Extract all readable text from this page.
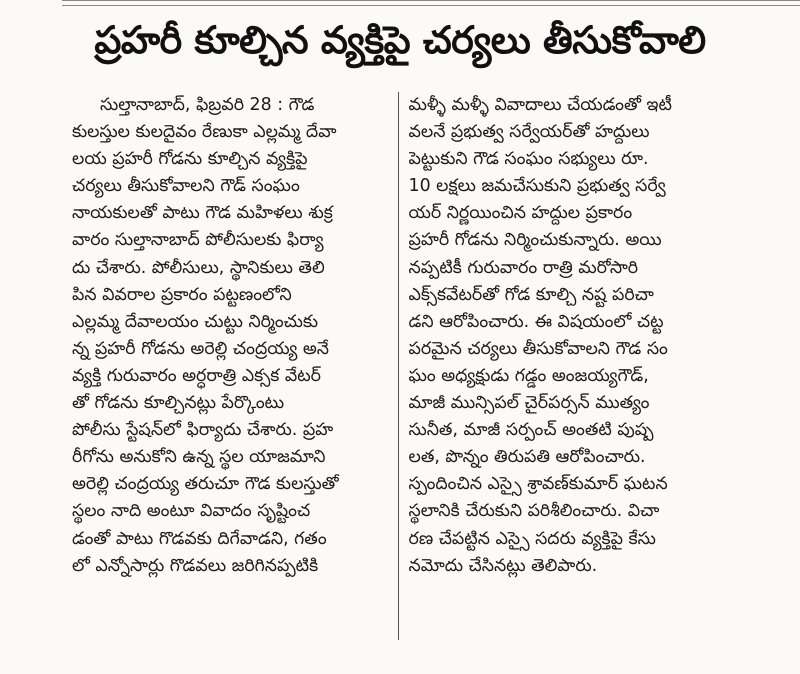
ప్రహరీ కూల్చిన వ్యక్తిపై చర్యలు తీసుకోవాలి
సుల్తానాబాద్, ఫిబ్రవరి 28 : గౌడ
కులస్తుల కులదైవం రేణుకా ఎల్లమ్మ దేవా
లయ ప్రహరీ గోడను కూల్చిన వ్యక్తిపై
చర్యలు తీసుకోవాలని గౌడ్ సంఘం
నాయకులతో పాటు గౌడ మహిళలు శుక్ర
వారం సుల్తానాబాద్ పోలీసులకు ఫిర్యా
దు చేశారు. పోలీసులు, స్థానికులు తెలి
పిన వివరాల ప్రకారం పట్టణంలోని
ఎల్లమ్మ దేవాలయం చుట్టు నిర్మించుకు
న్న ప్రహరీ గోడను అరెల్లి చంద్రయ్య అనే
వ్యక్తి గురువారం అర్ధరాత్రి ఎక్సక వేటర్
తో గోడను కూల్చినట్లు పేర్కొంటు
పోలీసు స్టేషన్‌లో ఫిర్యాదు చేశారు. ప్రహ
రీగోను అనుకోని ఉన్న స్థల యాజమాని
అరెల్లి చంద్రయ్య తరుచూ గౌడ కులస్తుతో
స్థలం నాది అంటూ వివాదం సృష్టించ
డంతో పాటు గొడవకు దిగేవాడని, గతం
లో ఎన్నోసార్లు గొడవలు జరిగినప్పటికి
మళ్ళీ మళ్ళీ వివాదాలు చేయడంతో ఇటీ
వలనే ప్రభుత్వ సర్వేయర్‌తో హద్దులు
పెట్టుకుని గౌడ సంఘం సభ్యులు రూ.
10 లక్షలు జమచేసుకుని ప్రభుత్వ సర్వే
యర్ నిర్ణయించిన హద్దుల ప్రకారం
ప్రహరీ గోడను నిర్మించుకున్నారు. అయి
నప్పటికీ గురువారం రాత్రి మరోసారి
ఎక్స్‌కవేటర్‌తో గోడ కూల్చి నష్ట పరిచా
డని ఆరోపించారు. ఈ విషయంలో చట్ట
పరమైన చర్యలు తీసుకోవాలని గౌడ సం
ఘం అధ్యక్షుడు గడ్డం అంజయ్యగౌడ్,
మాజీ మున్సిపల్ చైర్‌పర్సన్ ముత్యం
సునీత, మాజీ సర్పంచ్ అంతటి పుష్ప
లత, పొన్నం తిరుపతి ఆరోపించారు.
స్పందించిన ఎస్సై శ్రావణ్‌కుమార్ ఘటన
స్థలానికి చేరుకుని పరిశీలించారు. విచా
రణ చేపట్టిన ఎస్సై సదరు వ్యక్తిపై కేసు
నమోదు చేసినట్లు తెలిపారు.
